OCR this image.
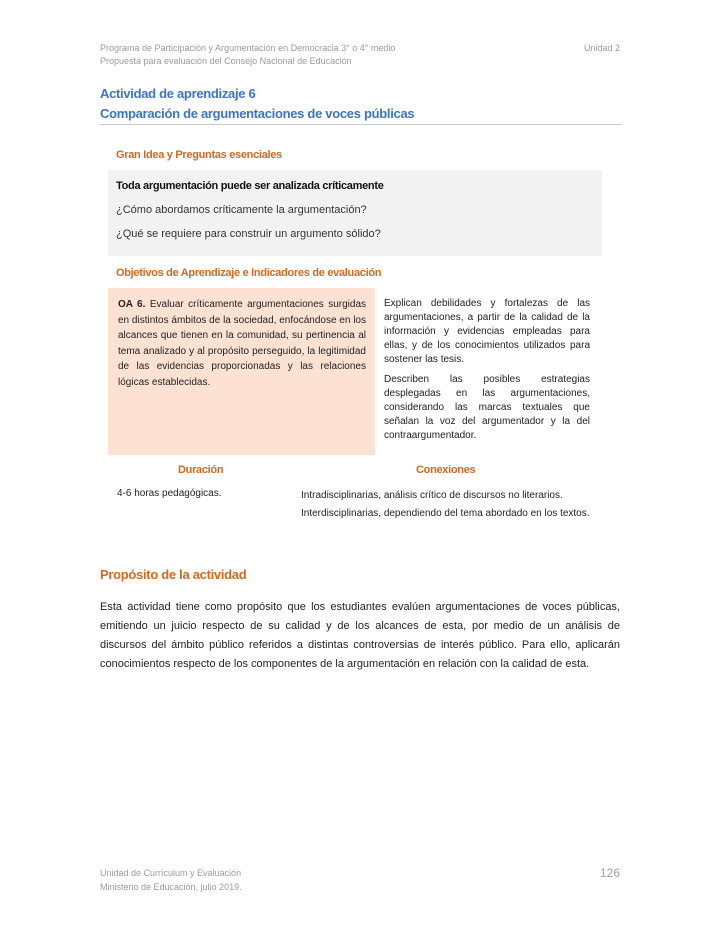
Programa de Participación y Argumentación en Democracia 3° o 4° medio
Propuesta para evaluación del Consejo Nacional de Educación
Unidad 2
Actividad de aprendizaje 6
Comparación de argumentaciones de voces públicas
Gran Idea y Preguntas esenciales
Toda argumentación puede ser analizada críticamente
¿Cómo abordamos críticamente la argumentación?
¿Qué se requiere para construir un argumento sólido?
Objetivos de Aprendizaje e Indicadores de evaluación

OA 6. Evaluar críticamente argumentaciones surgidas en distintos ámbitos de la sociedad, enfocándose en los alcances que tienen en la comunidad, su pertinencia al tema analizado y al propósito perseguido, la legitimidad de las evidencias proporcionadas y las relaciones lógicas establecidas.

Explican debilidades y fortalezas de las argumentaciones, a partir de la calidad de la información y evidencias empleadas para ellas, y de los conocimientos utilizados para sostener las tesis.

Describen las posibles estrategias desplegadas en las argumentaciones, considerando las marcas textuales que señalan la voz del argumentador y la del contraargumentador.

Duración	Conexiones
4-6 horas pedagógicas.	Intradisciplinarias, análisis crítico de discursos no literarios.

Interdisciplinarias, dependiendo del tema abordado en los textos.

Propósito de la actividad

Esta actividad tiene como propósito que los estudiantes evalúen argumentaciones de voces públicas, emitiendo un juicio respecto de su calidad y de los alcances de esta, por medio de un análisis de discursos del ámbito público referidos a distintas controversias de interés público. Para ello, aplicarán conocimientos respecto de los componentes de la argumentación en relación con la calidad de esta.

Unidad de Currículum y Evaluación
Ministerio de Educación, julio 2019.
126
